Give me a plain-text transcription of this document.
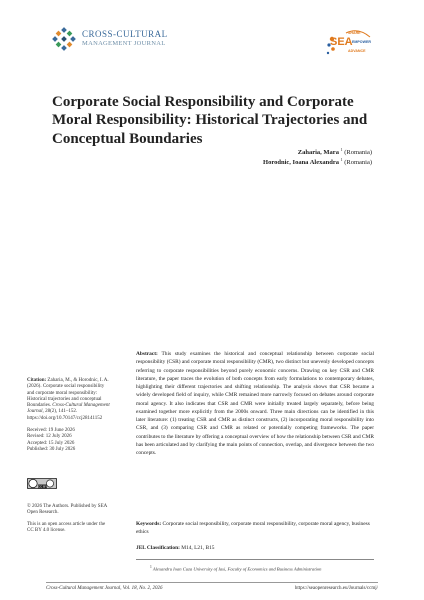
CROSS-CULTURAL
MANAGEMENT JOURNAL	SEA
SHARE
EMPOWER
ADVANCE
Corporate Social Responsibility and Corporate Moral Responsibility: Historical Trajectories and Conceptual Boundaries
Zaharia, Mara $^1$ (Romania)
Horodnic, Ioana Alexandra $^1$ (Romania)
Citation: Zaharia, M., & Horodnic, I. A.
(2026). Corporate social responsibility
and corporate moral responsibility:
Historical trajectories and conceptual
Boundaries. Cross-Cultural Management
Journal, 28(2), 141–152.
https://doi.org/10.70147/ccj28141152
Received: 19 June 2026
Revised: 12 July 2026
Accepted: 15 July 2026
Published: 30 July 2026
CC BY
© 2026 The Authors. Published by SEA
Open Research.
This is an open access article under the
CC BY 4.0 license.
Abstract: This study examines the historical and conceptual relationship between corporate social responsibility (CSR) and corporate moral responsibility (CMR), two distinct but unevenly developed concepts referring to corporate responsibilities beyond purely economic concerns. Drawing on key CSR and CMR literature, the paper traces the evolution of both concepts from early formulations to contemporary debates, highlighting their different trajectories and shifting relationship. The analysis shows that CSR became a widely developed field of inquiry, while CMR remained more narrowly focused on debates around corporate moral agency. It also indicates that CSR and CMR were initially treated largely separately, before being examined together more explicitly from the 2000s onward. Three main directions can be identified in this later literature: (1) treating CSR and CMR as distinct constructs, (2) incorporating moral responsibility into CSR, and (3) comparing CSR and CMR as related or potentially competing frameworks. The paper contributes to the literature by offering a conceptual overview of how the relationship between CSR and CMR has been articulated and by clarifying the main points of connection, overlap, and divergence between the two concepts.
Keywords: Corporate social responsibility, corporate moral responsibility, corporate moral agency, business ethics
JEL Classification: M14, L21, B15
$^1$ Alexandru Ioan Cuza University of Iasi, Faculty of Economics and Business Administration
Cross-Cultural Management Journal, Vol. 18, No. 2, 2026	https://seaopenresearch.eu/Journals/ccmj/
